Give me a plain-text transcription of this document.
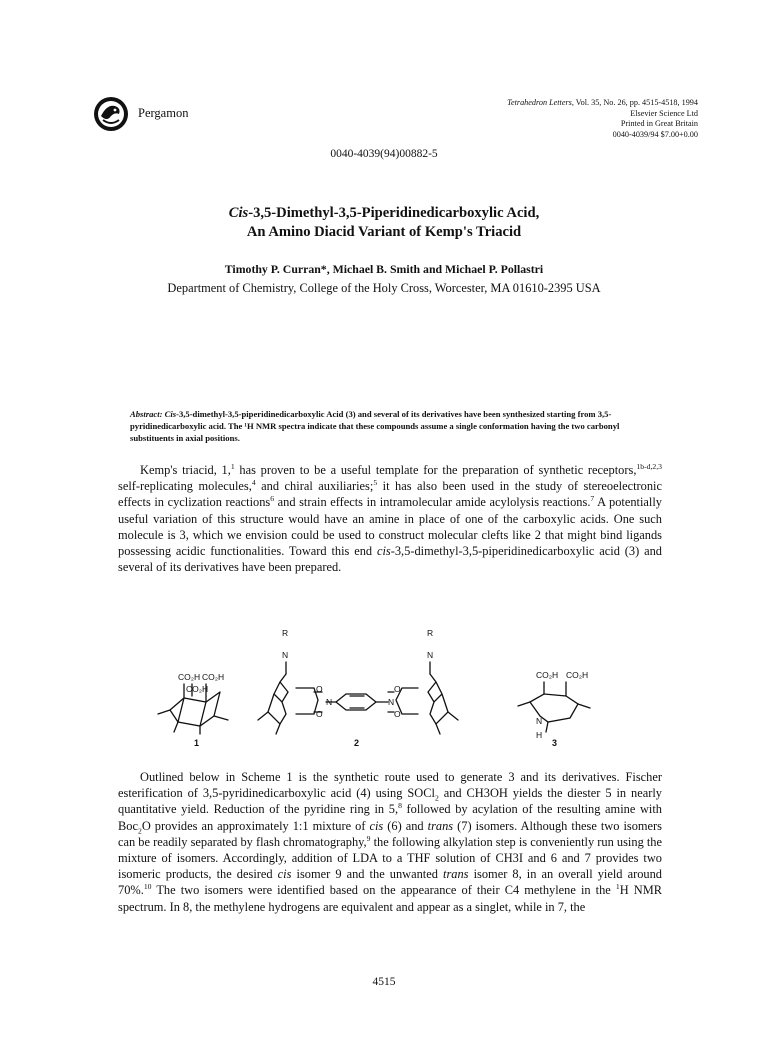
Pergamon
Tetrahedron Letters, Vol. 35, No. 26, pp. 4515-4518, 1994
Elsevier Science Ltd
Printed in Great Britain
0040-4039/94 $7.00+0.00
0040-4039(94)00882-5
Cis-3,5-Dimethyl-3,5-Piperidinedicarboxylic Acid,
An Amino Diacid Variant of Kemp's Triacid
Timothy P. Curran*, Michael B. Smith and Michael P. Pollastri
Department of Chemistry, College of the Holy Cross, Worcester, MA 01610-2395 USA
Abstract: Cis-3,5-dimethyl-3,5-piperidinedicarboxylic Acid (3) and several of its derivatives have been synthesized starting from 3,5-pyridinedicarboxylic acid. The ¹H NMR spectra indicate that these compounds assume a single conformation having the two carbonyl substituents in axial positions.
Kemp's triacid, 1,$^1$ has proven to be a useful template for the preparation of synthetic receptors,$^{1b-d,2,3}$ self-replicating molecules,$^4$ and chiral auxiliaries;$^5$ it has also been used in the study of stereoelectronic effects in cyclization reactions$^6$ and strain effects in intramolecular amide acylolysis reactions.$^7$ A potentially useful variation of this structure would have an amine in place of one of the carboxylic acids. One such molecule is 3, which we envision could be used to construct molecular clefts like 2 that might bind ligands possessing acidic functionalities. Toward this end cis-3,5-dimethyl-3,5-piperidinedicarboxylic acid (3) and several of its derivatives have been prepared.
CO₂H CO₂H
CO₂H
R
N
O
O
N	N
O
O
R
N
CO₂H CO₂H
N
H
1	2	3
Outlined below in Scheme 1 is the synthetic route used to generate 3 and its derivatives. Fischer esterification of 3,5-pyridinedicarboxylic acid (4) using SOCl$_2$ and CH3OH yields the diester 5 in nearly quantitative yield. Reduction of the pyridine ring in 5,$^8$ followed by acylation of the resulting amine with Boc$_2$O provides an approximately 1:1 mixture of cis (6) and trans (7) isomers. Although these two isomers can be readily separated by flash chromatography,$^9$ the following alkylation step is conveniently run using the mixture of isomers. Accordingly, addition of LDA to a THF solution of CH3I and 6 and 7 provides two isomeric products, the desired cis isomer 9 and the unwanted trans isomer 8, in an overall yield around 70%.$^{10}$ The two isomers were identified based on the appearance of their C4 methylene in the $^1$H NMR spectrum. In 8, the methylene hydrogens are equivalent and appear as a singlet, while in 7, the
4515
